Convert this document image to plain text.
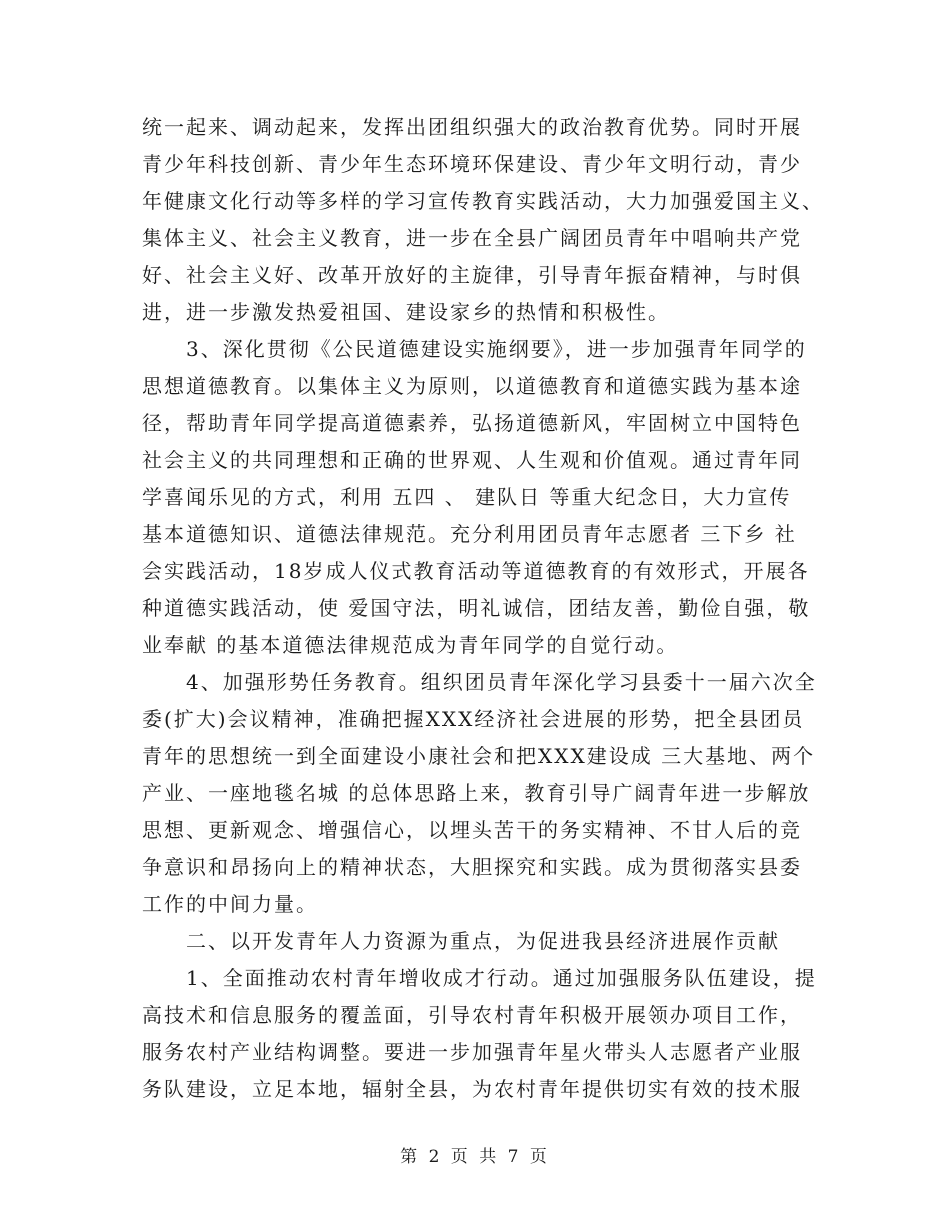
统一起来、调动起来，发挥出团组织强大的政治教育优势。同时开展
青少年科技创新、青少年生态环境环保建设、青少年文明行动，青少
年健康文化行动等多样的学习宣传教育实践活动，大力加强爱国主义、
集体主义、社会主义教育，进一步在全县广阔团员青年中唱响共产党
好、社会主义好、改革开放好的主旋律，引导青年振奋精神，与时俱
进，进一步激发热爱祖国、建设家乡的热情和积极性。
3、深化贯彻《公民道德建设实施纲要》，进一步加强青年同学的
思想道德教育。以集体主义为原则，以道德教育和道德实践为基本途
径，帮助青年同学提高道德素养，弘扬道德新风，牢固树立中国特色
社会主义的共同理想和正确的世界观、人生观和价值观。通过青年同
学喜闻乐见的方式，利用 五四 、 建队日 等重大纪念日，大力宣传
基本道德知识、道德法律规范。充分利用团员青年志愿者 三下乡 社
会实践活动，18岁成人仪式教育活动等道德教育的有效形式，开展各
种道德实践活动，使 爱国守法，明礼诚信，团结友善，勤俭自强，敬
业奉献 的基本道德法律规范成为青年同学的自觉行动。
4、加强形势任务教育。组织团员青年深化学习县委十一届六次全
委(扩大)会议精神，准确把握XXX经济社会进展的形势，把全县团员
青年的思想统一到全面建设小康社会和把XXX建设成 三大基地、两个
产业、一座地毯名城 的总体思路上来，教育引导广阔青年进一步解放
思想、更新观念、增强信心，以埋头苦干的务实精神、不甘人后的竞
争意识和昂扬向上的精神状态，大胆探究和实践。成为贯彻落实县委
工作的中间力量。
二、以开发青年人力资源为重点，为促进我县经济进展作贡献
1、全面推动农村青年增收成才行动。通过加强服务队伍建设，提
高技术和信息服务的覆盖面，引导农村青年积极开展领办项目工作，
服务农村产业结构调整。要进一步加强青年星火带头人志愿者产业服
务队建设，立足本地，辐射全县，为农村青年提供切实有效的技术服
第 2 页 共 7 页
